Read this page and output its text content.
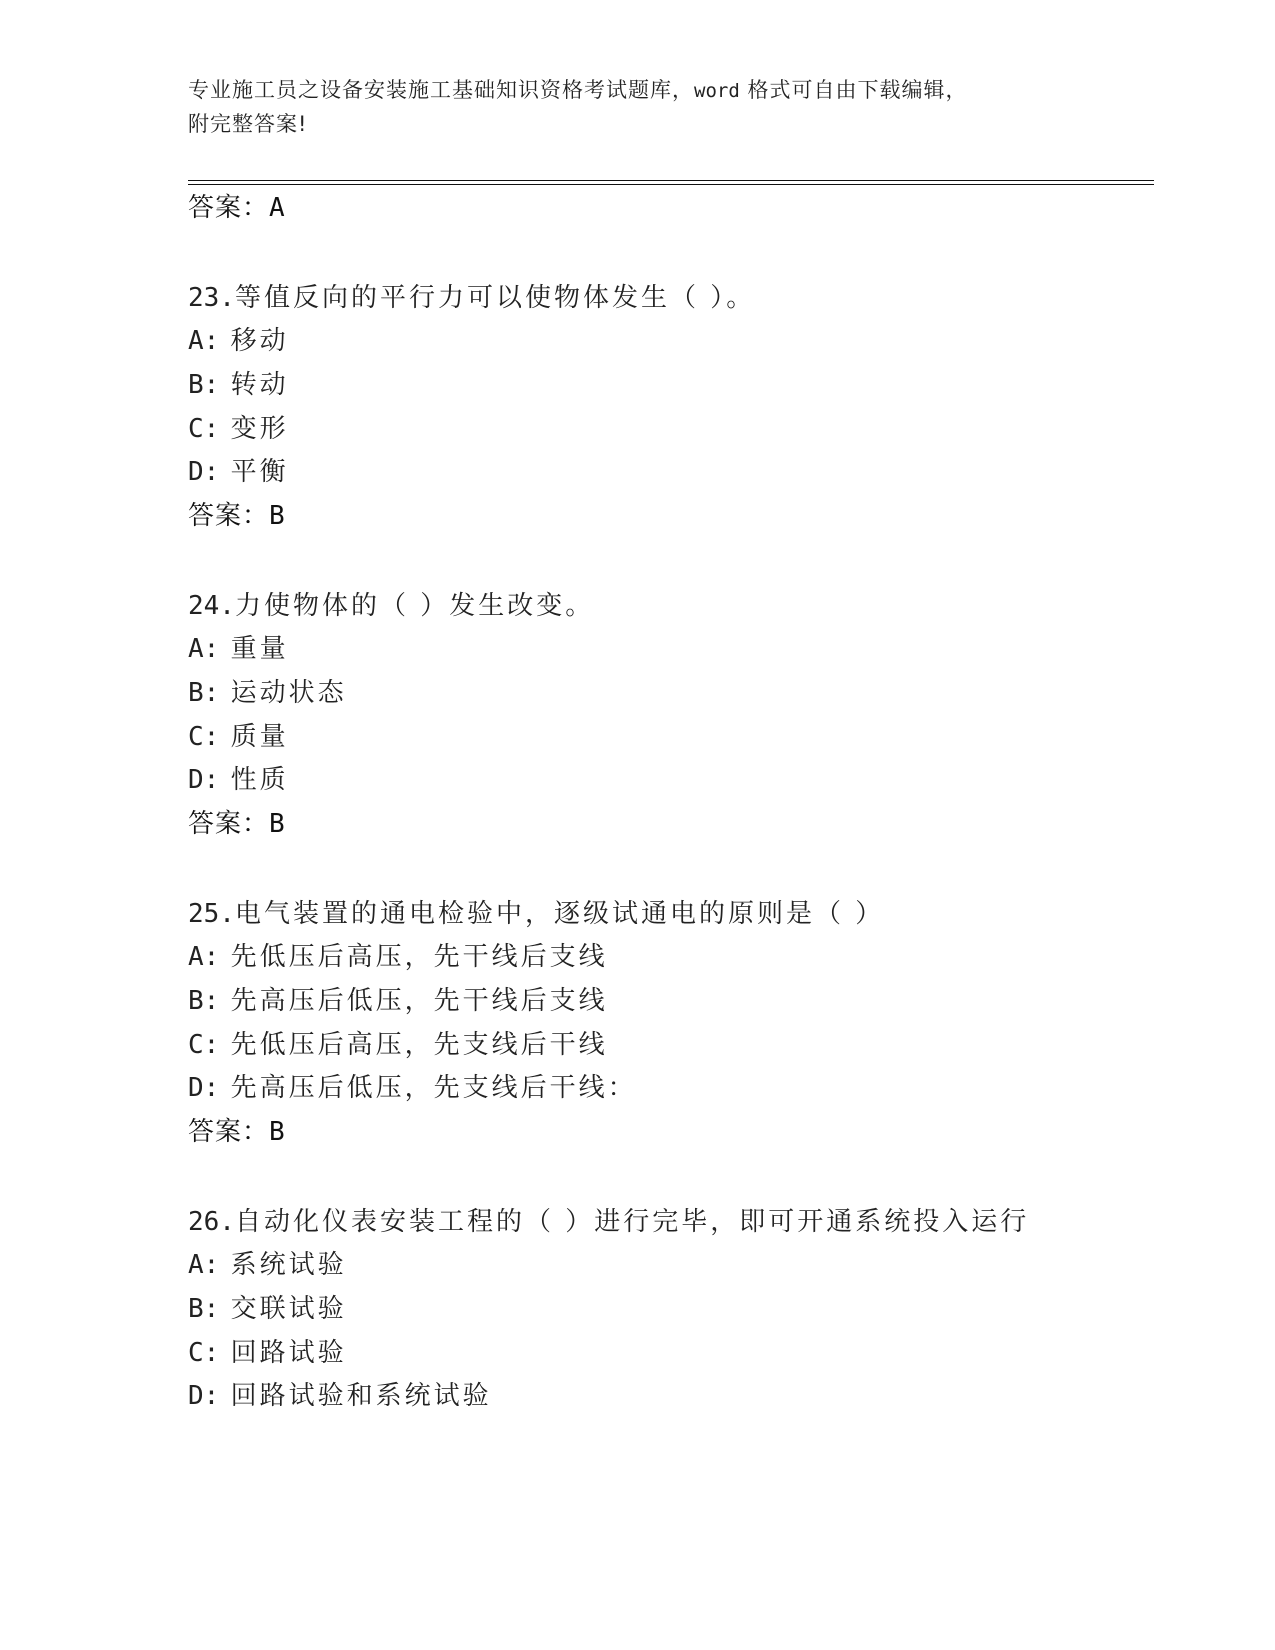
专业施工员之设备安装施工基础知识资格考试题库，word 格式可自由下载编辑，
附完整答案!
答案：A
23.等值反向的平行力可以使物体发生（ ）。
A: 移动
B: 转动
C: 变形
D: 平衡
答案：B
24.力使物体的（ ）发生改变。
A: 重量
B: 运动状态
C: 质量
D: 性质
答案：B
25.电气装置的通电检验中，逐级试通电的原则是（ ）
A: 先低压后高压，先干线后支线
B: 先高压后低压，先干线后支线
C: 先低压后高压，先支线后干线
D: 先高压后低压，先支线后干线：
答案：B
26.自动化仪表安装工程的（ ）进行完毕，即可开通系统投入运行
A: 系统试验
B: 交联试验
C: 回路试验
D: 回路试验和系统试验
